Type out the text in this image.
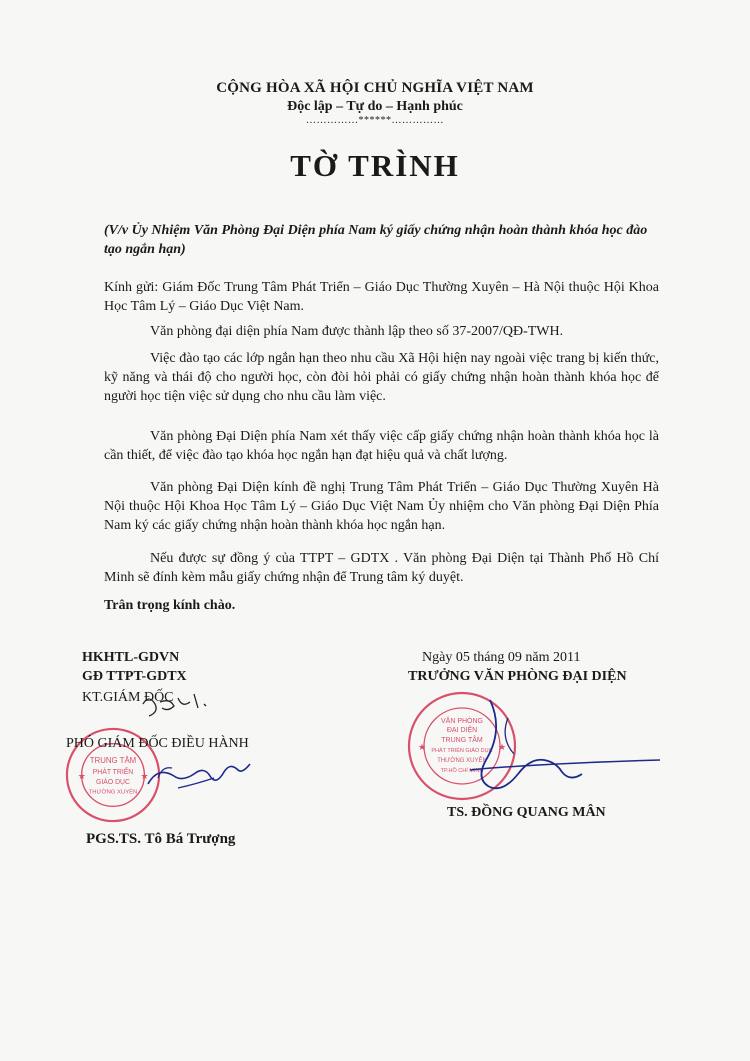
CỘNG HÒA XÃ HỘI CHỦ NGHĨA VIỆT NAM
Độc lập – Tự do – Hạnh phúc
……………******……………
TỜ TRÌNH
(V/v Ủy Nhiệm Văn Phòng Đại Diện phía Nam ký giấy chứng nhận hoàn thành khóa học đào tạo ngắn hạn)
Kính gửi: Giám Đốc Trung Tâm Phát Triển – Giáo Dục Thường Xuyên – Hà Nội thuộc Hội Khoa Học Tâm Lý – Giáo Dục Việt Nam.
Văn phòng đại diện phía Nam được thành lập theo số 37-2007/QĐ-TWH.
Việc đào tạo các lớp ngắn hạn theo nhu cầu Xã Hội hiện nay ngoài việc trang bị kiến thức, kỹ năng và thái độ cho người học, còn đòi hỏi phải có giấy chứng nhận hoàn thành khóa học để người học tiện việc sử dụng cho nhu cầu làm việc.
Văn phòng Đại Diện phía Nam xét thấy việc cấp giấy chứng nhận hoàn thành khóa học là cần thiết, để việc đào tạo khóa học ngắn hạn đạt hiệu quả và chất lượng.
Văn phòng Đại Diện kính đề nghị Trung Tâm Phát Triển – Giáo Dục Thường Xuyên Hà Nội thuộc Hội Khoa Học Tâm Lý – Giáo Dục Việt Nam Ủy nhiệm cho Văn phòng Đại Diện Phía Nam ký các giấy chứng nhận hoàn thành khóa học ngắn hạn.
Nếu được sự đồng ý của TTPT – GDTX . Văn phòng Đại Diện tại Thành Phố Hồ Chí Minh sẽ đính kèm mẫu giấy chứng nhận để Trung tâm ký duyệt.
Trân trọng kính chào.
TRUNG TÂM
PHÁT TRIỂN
GIÁO DỤC
THƯỜNG XUYÊN
★	★
HKHTL-GDVN
GĐ TTPT-GDTX
KT.GIÁM ĐỐC
PHÓ GIÁM ĐỐC ĐIỀU HÀNH
PGS.TS. Tô Bá Trượng
VĂN PHÒNG
ĐẠI DIỆN
TRUNG TÂM
PHÁT TRIỂN GIÁO DỤC
THƯỜNG XUYÊN
TP.HỒ CHÍ MINH
★	★
Ngày 05 tháng 09 năm 2011
TRƯỞNG VĂN PHÒNG ĐẠI DIỆN
TS. ĐỒNG QUANG MÂN
